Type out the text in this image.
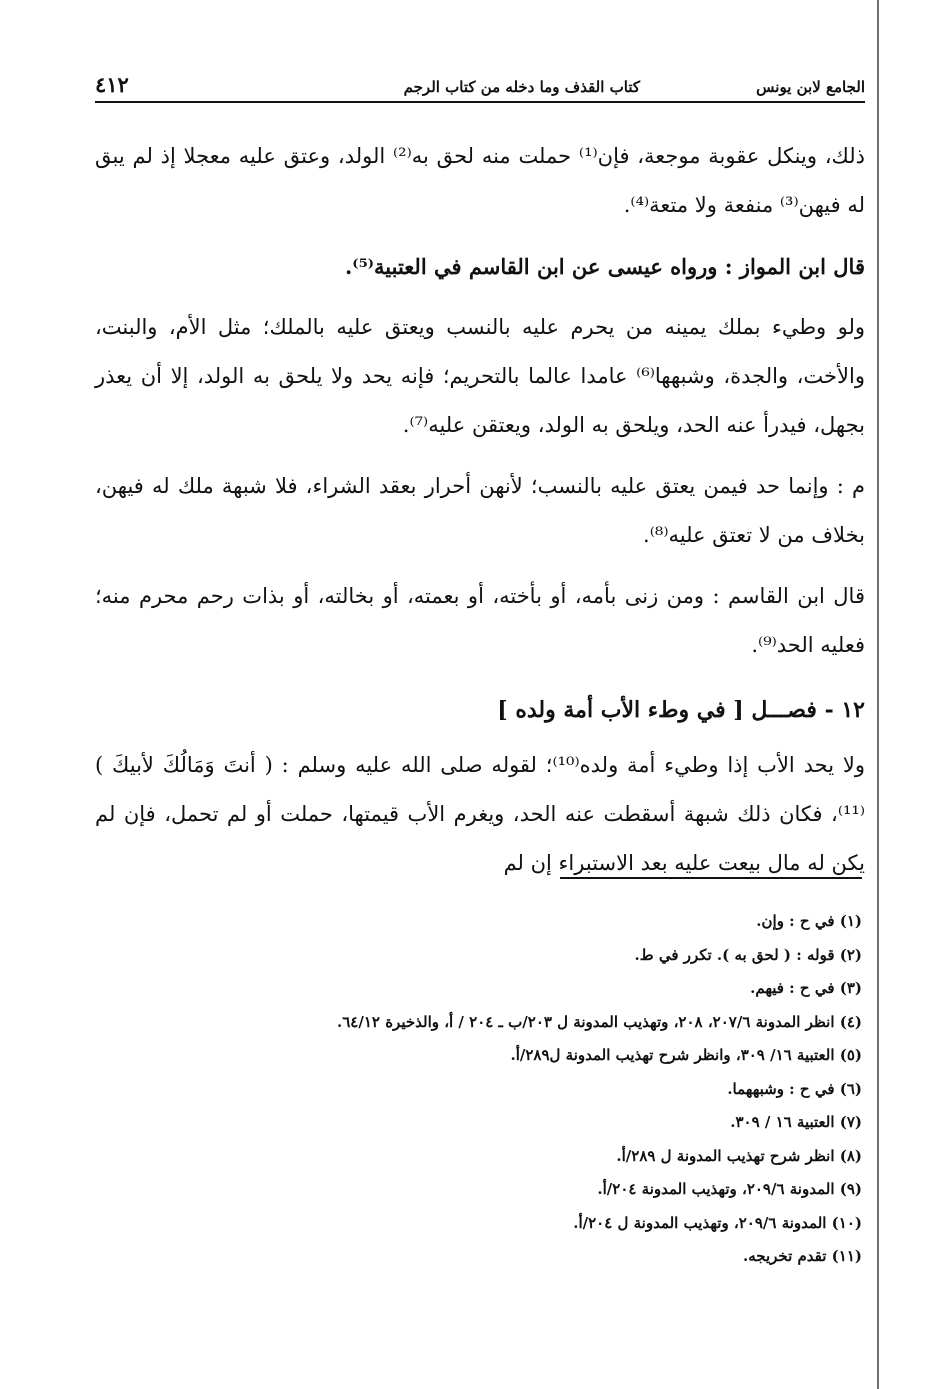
الجامع لابن يونس
كتاب القذف وما دخله من كتاب الرجم
٤١٢

ذلك، وينكل عقوبة موجعة، فإن⁽¹⁾ حملت منه لحق به⁽²⁾ الولد، وعتق عليه معجلا إذ لم يبق له فيهن⁽³⁾ منفعة ولا متعة⁽⁴⁾.

قال ابن المواز : ورواه عيسى عن ابن القاسم في العتبية⁽⁵⁾.

ولو وطيء بملك يمينه من يحرم عليه بالنسب ويعتق عليه بالملك؛ مثل الأم، والبنت، والأخت، والجدة، وشبهها⁽⁶⁾ عامدا عالما بالتحريم؛ فإنه يحد ولا يلحق به الولد، إلا أن يعذر بجهل، فيدرأ عنه الحد، ويلحق به الولد، ويعتقن عليه⁽⁷⁾.

م : وإنما حد فيمن يعتق عليه بالنسب؛ لأنهن أحرار بعقد الشراء، فلا شبهة ملك له فيهن، بخلاف من لا تعتق عليه⁽⁸⁾.

قال ابن القاسم : ومن زنى بأمه، أو بأخته، أو بعمته، أو بخالته، أو بذات رحم محرم منه؛ فعليه الحد⁽⁹⁾.

١٢ - فصـــل [ في وطء الأب أمة ولده ]

ولا يحد الأب إذا وطيء أمة ولده⁽¹⁰⁾؛ لقوله صلى الله عليه وسلم : ( أنتَ وَمَالُكَ لأبيكَ ) ⁽¹¹⁾، فكان ذلك شبهة أسقطت عنه الحد، ويغرم الأب قيمتها، حملت أو لم تحمل، فإن لم يكن له مال بيعت عليه بعد الاستبراء إن لم

(١) في ح : وإن.
(٢) قوله : ( لحق به ). تكرر في ط.
(٣) في ح : فيهم.
(٤) انظر المدونة ٢٠٧/٦، ٢٠٨، وتهذيب المدونة ل ٢٠٣/ب ـ ٢٠٤ / أ، والذخيرة ٦٤/١٢.
(٥) العتبية ١٦/ ٣٠٩، وانظر شرح تهذيب المدونة ل٢٨٩/أ.
(٦) في ح : وشبههما.
(٧) العتبية ١٦ / ٣٠٩.
(٨) انظر شرح تهذيب المدونة ل ٢٨٩/أ.
(٩) المدونة ٢٠٩/٦، وتهذيب المدونة ٢٠٤/أ.
(١٠) المدونة ٢٠٩/٦، وتهذيب المدونة ل ٢٠٤/أ.
(١١) تقدم تخريجه.
